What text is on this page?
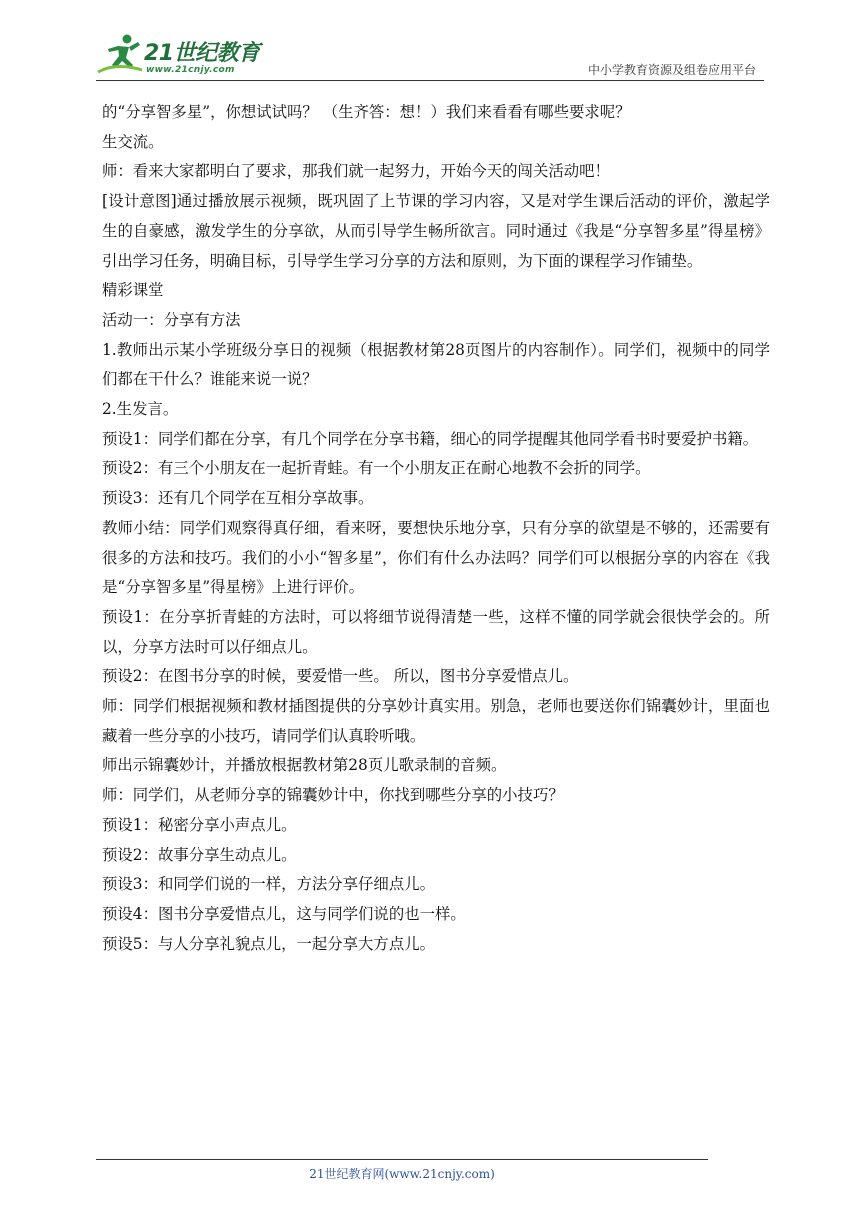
21世纪教育
www.21cnjy.com	中小学教育资源及组卷应用平台

的“分享智多星”，你想试试吗？ （生齐答：想！）我们来看看有哪些要求呢？

生交流。

师：看来大家都明白了要求，那我们就一起努力，开始今天的闯关活动吧！

[设计意图]通过播放展示视频，既巩固了上节课的学习内容，又是对学生课后活动的评价，激起学生的自豪感，激发学生的分享欲，从而引导学生畅所欲言。同时通过《我是“分享智多星”得星榜》引出学习任务，明确目标，引导学生学习分享的方法和原则，为下面的课程学习作铺垫。

精彩课堂

活动一：分享有方法

1.教师出示某小学班级分享日的视频（根据教材第28页图片的内容制作）。同学们，视频中的同学们都在干什么？谁能来说一说？

2.生发言。

预设1：同学们都在分享，有几个同学在分享书籍，细心的同学提醒其他同学看书时要爱护书籍。

预设2：有三个小朋友在一起折青蛙。有一个小朋友正在耐心地教不会折的同学。

预设3：还有几个同学在互相分享故事。

教师小结：同学们观察得真仔细，看来呀，要想快乐地分享，只有分享的欲望是不够的，还需要有很多的方法和技巧。我们的小小“智多星”，你们有什么办法吗？同学们可以根据分享的内容在《我是“分享智多星”得星榜》上进行评价。

预设1：在分享折青蛙的方法时，可以将细节说得清楚一些，这样不懂的同学就会很快学会的。所以，分享方法时可以仔细点儿。

预设2：在图书分享的时候，要爱惜一些。 所以，图书分享爱惜点儿。

师：同学们根据视频和教材插图提供的分享妙计真实用。别急，老师也要送你们锦囊妙计，里面也藏着一些分享的小技巧，请同学们认真聆听哦。

师出示锦囊妙计，并播放根据教材第28页儿歌录制的音频。

师：同学们，从老师分享的锦囊妙计中，你找到哪些分享的小技巧？

预设1：秘密分享小声点儿。

预设2：故事分享生动点儿。

预设3：和同学们说的一样，方法分享仔细点儿。

预设4：图书分享爱惜点儿，这与同学们说的也一样。

预设5：与人分享礼貌点儿，一起分享大方点儿。

21世纪教育网(www.21cnjy.com)
